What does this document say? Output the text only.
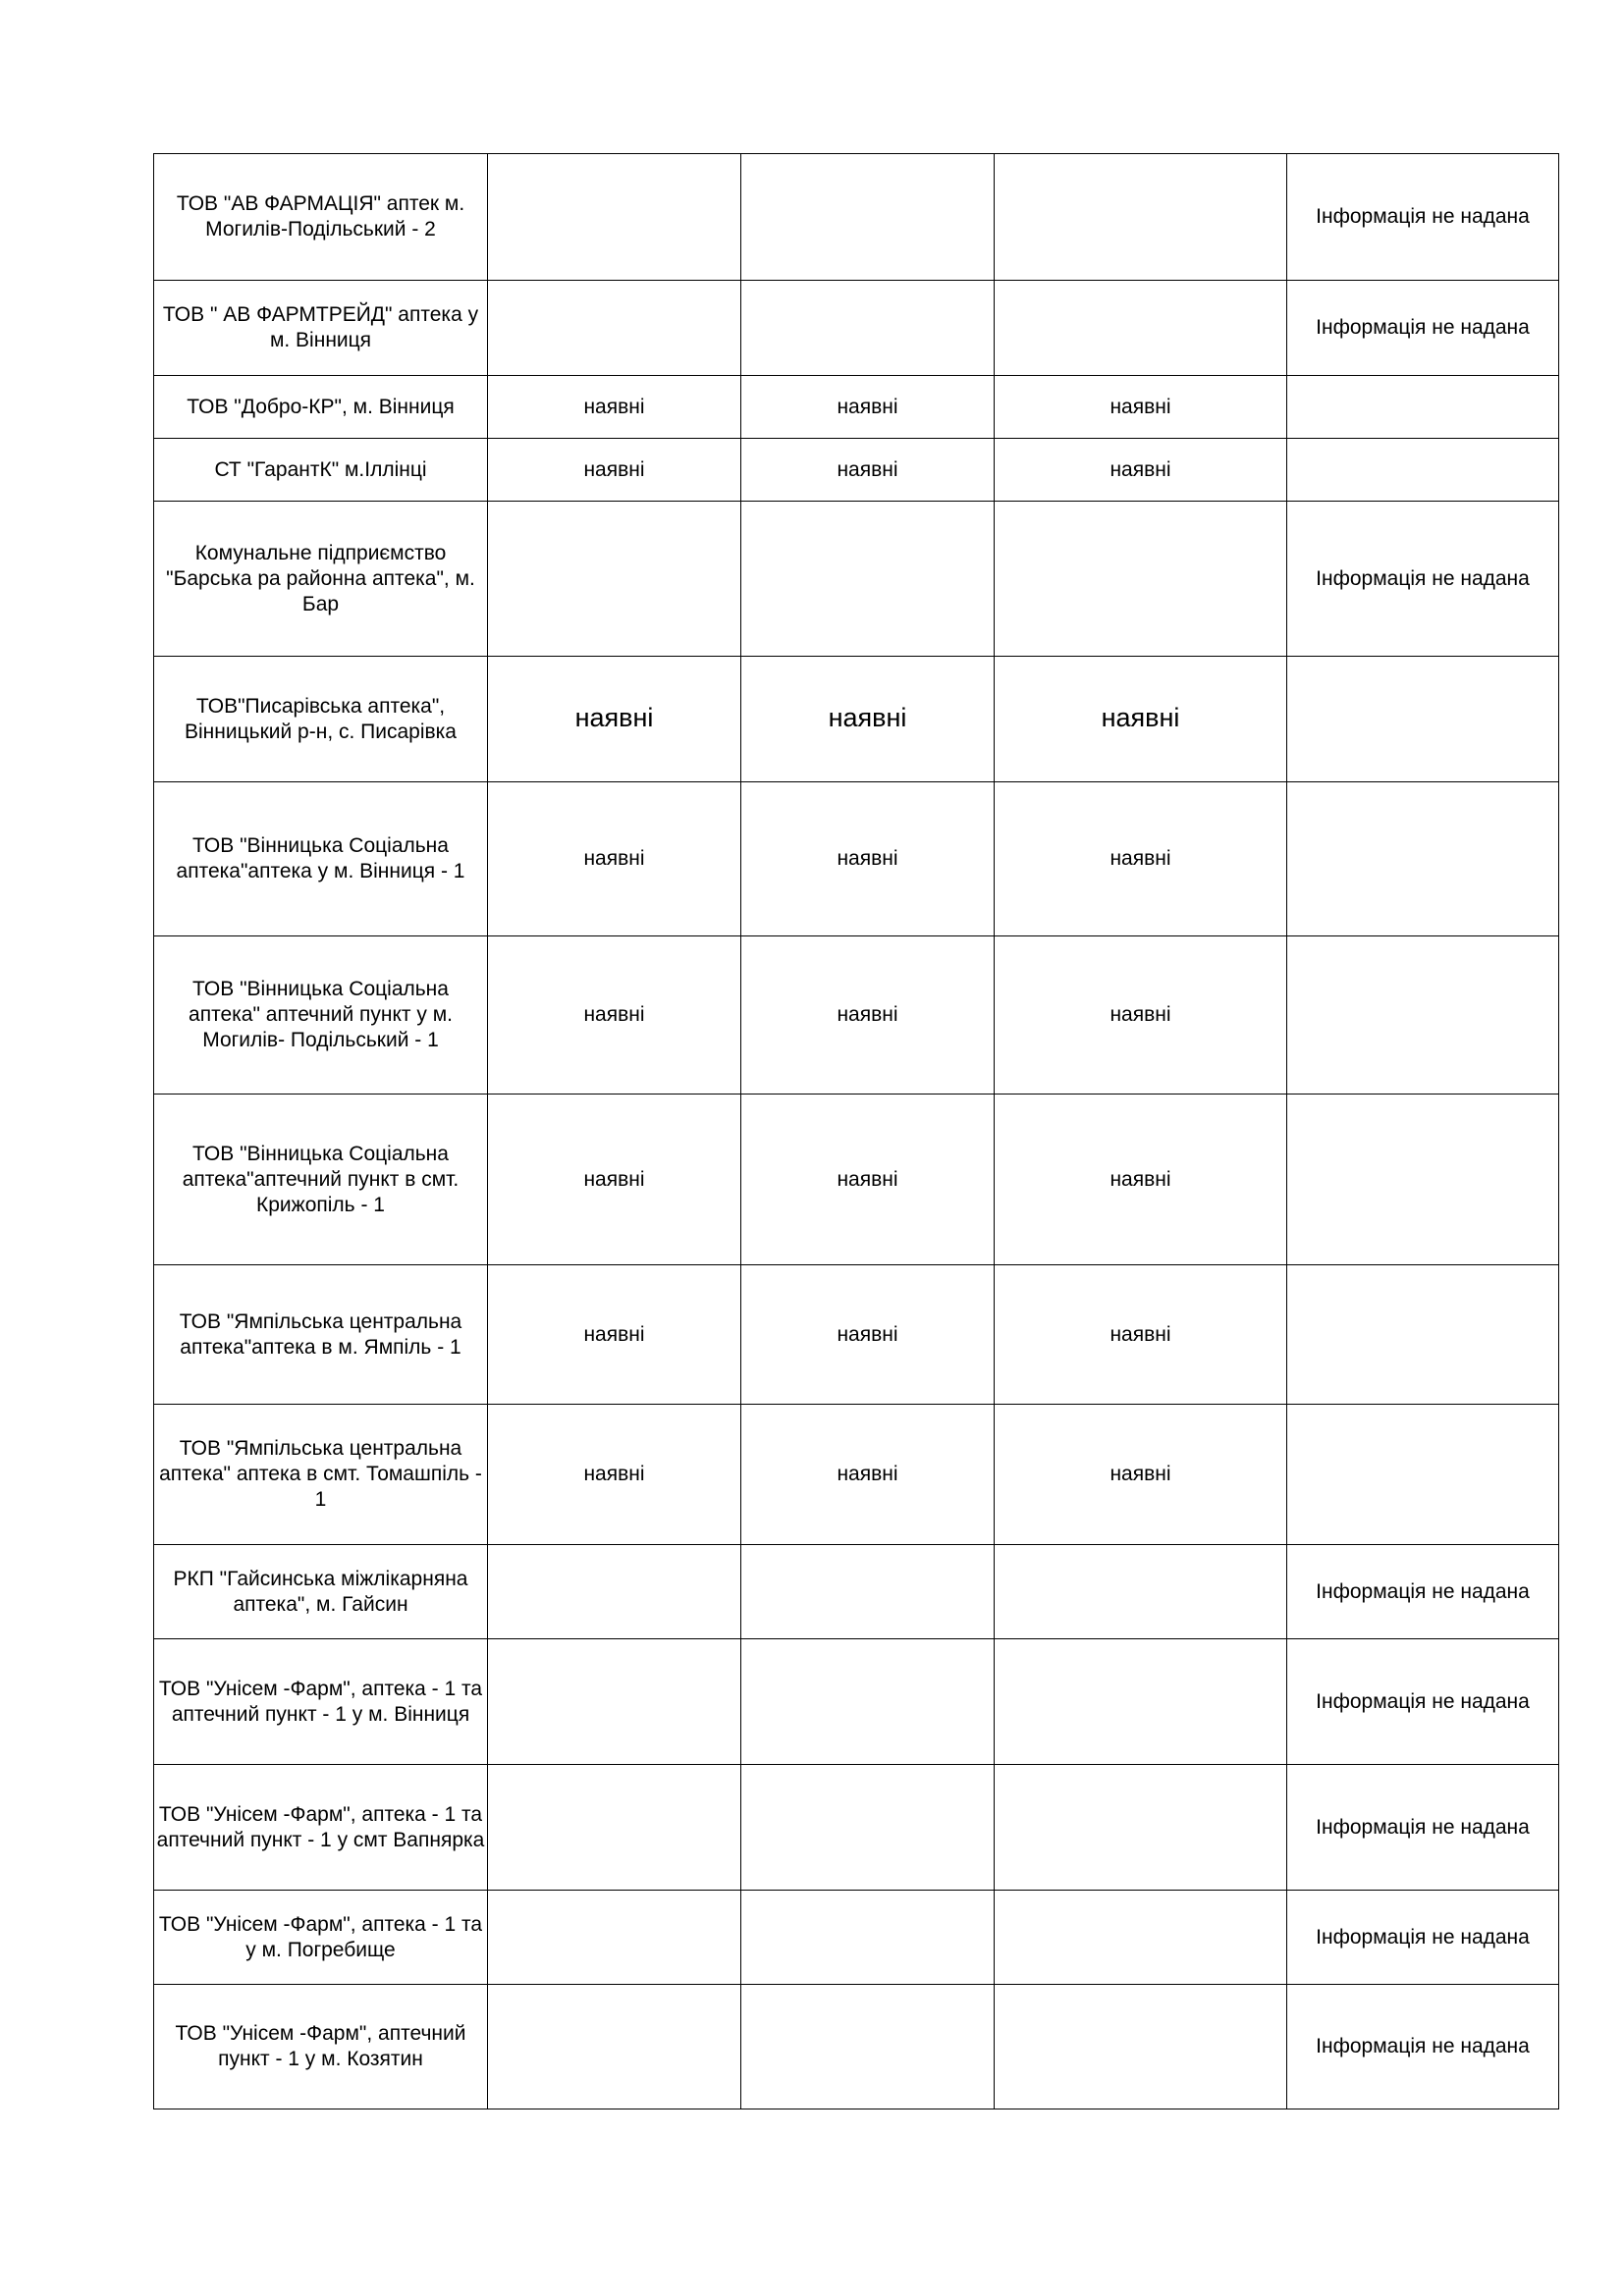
ТОВ "АВ ФАРМАЦІЯ" аптек м. Могилів-Подільський - 2				Інформація не надана
ТОВ " АВ ФАРМТРЕЙД" аптека у м. Вінниця				Інформація не надана
ТОВ "Добро-КР", м. Вінниця	наявні	наявні	наявні	
СТ "ГарантК" м.Іллінці	наявні	наявні	наявні	
Комунальне підприємство "Барська ра районна аптека", м. Бар				Інформація не надана
ТОВ"Писарівська аптека", Вінницький р-н, с. Писарівка	наявні	наявні	наявні	
ТОВ "Вінницька Соціальна аптека"аптека у м. Вінниця - 1	наявні	наявні	наявні	
ТОВ "Вінницька Соціальна аптека" аптечний пункт у м. Могилів- Подільський - 1	наявні	наявні	наявні	
ТОВ "Вінницька Соціальна аптека"аптечний пункт в смт. Крижопіль - 1	наявні	наявні	наявні	
ТОВ "Ямпільська центральна аптека"аптека в м. Ямпіль - 1	наявні	наявні	наявні	
ТОВ "Ямпільська центральна аптека" аптека в смт. Томашпіль - 1	наявні	наявні	наявні	
РКП "Гайсинська міжлікарняна аптека", м. Гайсин				Інформація не надана
ТОВ "Унісем -Фарм", аптека - 1 та аптечний пункт - 1 у м. Вінниця				Інформація не надана
ТОВ "Унісем -Фарм", аптека - 1 та аптечний пункт - 1 у смт Вапнярка				Інформація не надана
ТОВ "Унісем -Фарм", аптека - 1 та у м. Погребище				Інформація не надана
ТОВ "Унісем -Фарм", аптечний пункт - 1 у м. Козятин				Інформація не надана
